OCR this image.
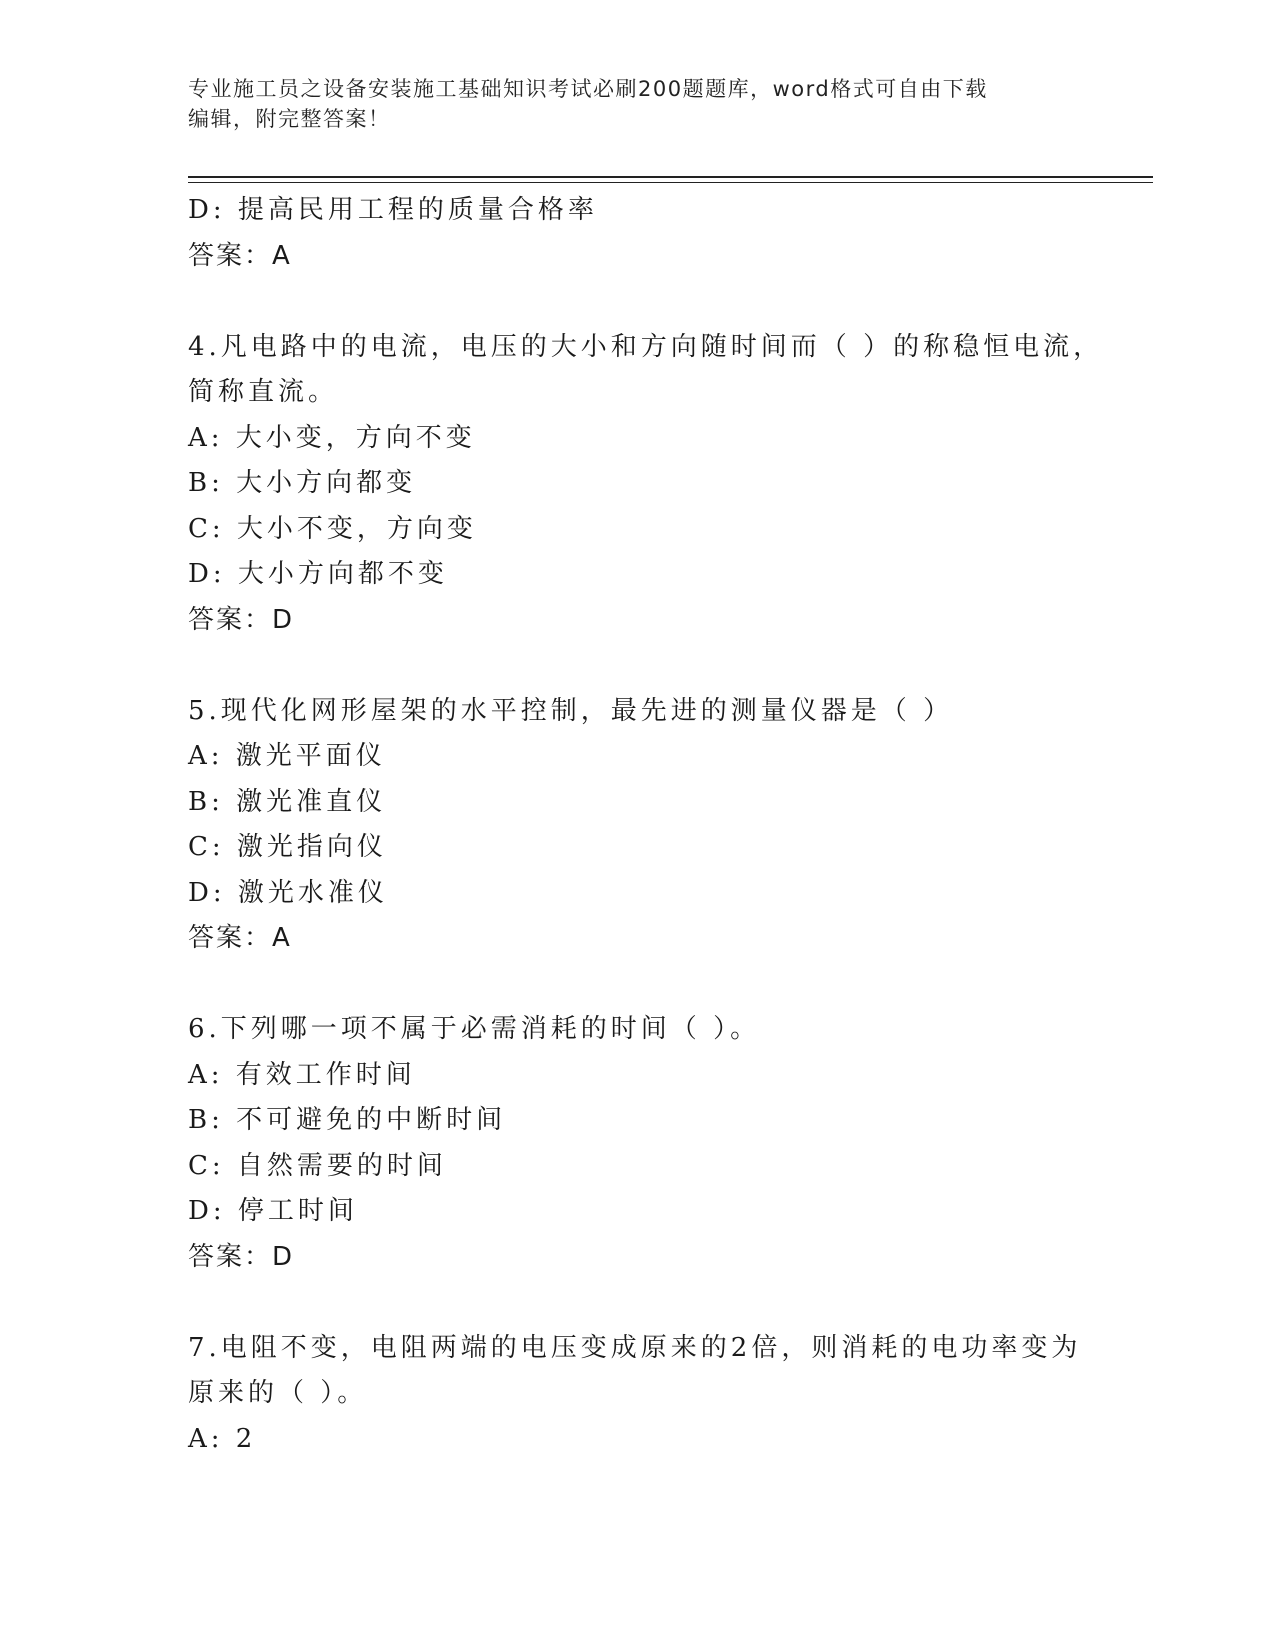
专业施工员之设备安装施工基础知识考试必刷200题题库，word格式可自由下载
编辑，附完整答案！
D: 提高民用工程的质量合格率
答案：A
4.凡电路中的电流，电压的大小和方向随时间而（ ）的称稳恒电流，
简称直流。
A: 大小变，方向不变
B: 大小方向都变
C: 大小不变，方向变
D: 大小方向都不变
答案：D
5.现代化网形屋架的水平控制，最先进的测量仪器是（ ）
A: 激光平面仪
B: 激光准直仪
C: 激光指向仪
D: 激光水准仪
答案：A
6.下列哪一项不属于必需消耗的时间（ ）。
A: 有效工作时间
B: 不可避免的中断时间
C: 自然需要的时间
D: 停工时间
答案：D
7.电阻不变，电阻两端的电压变成原来的2倍，则消耗的电功率变为
原来的（ ）。
A: 2
